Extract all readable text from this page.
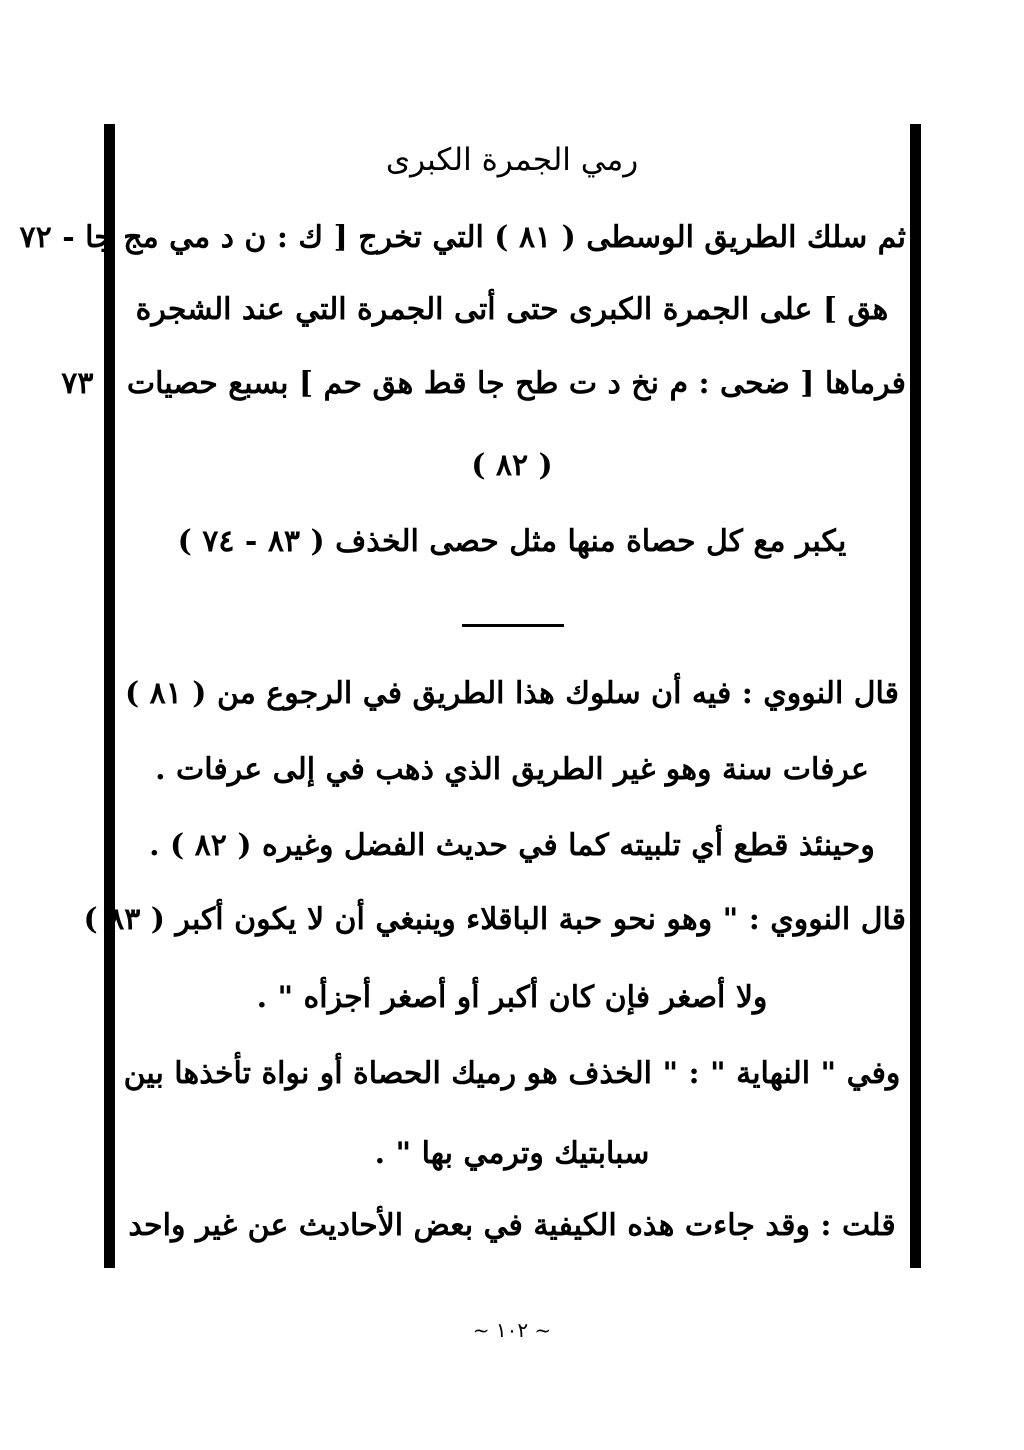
رمي الجمرة الكبرى
ثم سلك الطريق الوسطى ( ٨١ ) التي تخرج [ ك : ن د مي مج جا - ٧٢
هق ] على الجمرة الكبرى حتى أتى الجمرة التي عند الشجرة
فرماها [ ضحى : م نخ د ت طح جا قط هق حم ] بسبع حصيات - ٧٣
( ٨٢ )
يكبر مع كل حصاة منها مثل حصى الخذف ( ٨٣ - ٧٤ )
قال النووي : فيه أن سلوك هذا الطريق في الرجوع من ( ٨١ )
عرفات سنة وهو غير الطريق الذي ذهب في إلى عرفات .
وحينئذ قطع أي تلبيته كما في حديث الفضل وغيره ( ٨٢ ) .
قال النووي : " وهو نحو حبة الباقلاء وينبغي أن لا يكون أكبر ( ٨٣ )
ولا أصغر فإن كان أكبر أو أصغر أجزأه " .
وفي " النهاية " : " الخذف هو رميك الحصاة أو نواة تأخذها بين
سبابتيك وترمي بها " .
قلت : وقد جاءت هذه الكيفية في بعض الأحاديث عن غير واحد
~ ١٠٢ ~
